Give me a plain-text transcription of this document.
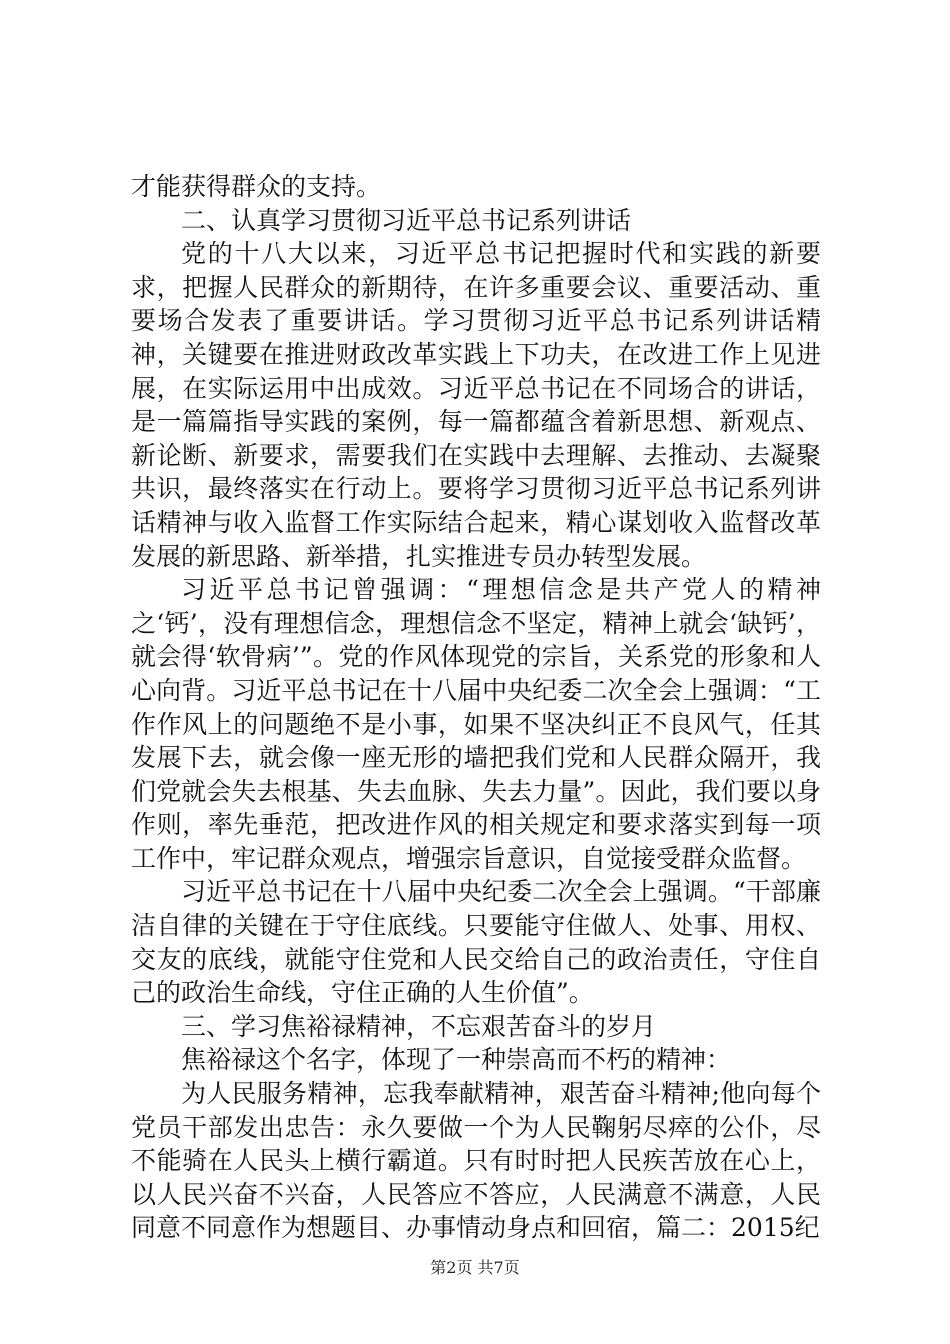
才能获得群众的支持。

二、认真学习贯彻习近平总书记系列讲话

党的十八大以来，习近平总书记把握时代和实践的新要求，把握人民群众的新期待，在许多重要会议、重要活动、重要场合发表了重要讲话。学习贯彻习近平总书记系列讲话精神，关键要在推进财政改革实践上下功夫，在改进工作上见进展，在实际运用中出成效。习近平总书记在不同场合的讲话，是一篇篇指导实践的案例，每一篇都蕴含着新思想、新观点、新论断、新要求，需要我们在实践中去理解、去推动、去凝聚共识，最终落实在行动上。要将学习贯彻习近平总书记系列讲话精神与收入监督工作实际结合起来，精心谋划收入监督改革发展的新思路、新举措，扎实推进专员办转型发展。

习近平总书记曾强调：“理想信念是共产党人的精神之‘钙’，没有理想信念，理想信念不坚定，精神上就会‘缺钙’，就会得‘软骨病’”。党的作风体现党的宗旨，关系党的形象和人心向背。习近平总书记在十八届中央纪委二次全会上强调：“工作作风上的问题绝不是小事，如果不坚决纠正不良风气，任其发展下去，就会像一座无形的墙把我们党和人民群众隔开，我们党就会失去根基、失去血脉、失去力量”。因此，我们要以身作则，率先垂范，把改进作风的相关规定和要求落实到每一项工作中，牢记群众观点，增强宗旨意识，自觉接受群众监督。

习近平总书记在十八届中央纪委二次全会上强调。“干部廉洁自律的关键在于守住底线。只要能守住做人、处事、用权、交友的底线，就能守住党和人民交给自己的政治责任，守住自己的政治生命线，守住正确的人生价值”。

三、学习焦裕禄精神，不忘艰苦奋斗的岁月

焦裕禄这个名字，体现了一种崇高而不朽的精神：

为人民服务精神，忘我奉献精神，艰苦奋斗精神;他向每个党员干部发出忠告：永久要做一个为人民鞠躬尽瘁的公仆，尽不能骑在人民头上横行霸道。只有时时把人民疾苦放在心上，以人民兴奋不兴奋，人民答应不答应，人民满意不满意，人民同意不同意作为想题目、办事情动身点和回宿，篇二：2015纪

第2页 共7页
